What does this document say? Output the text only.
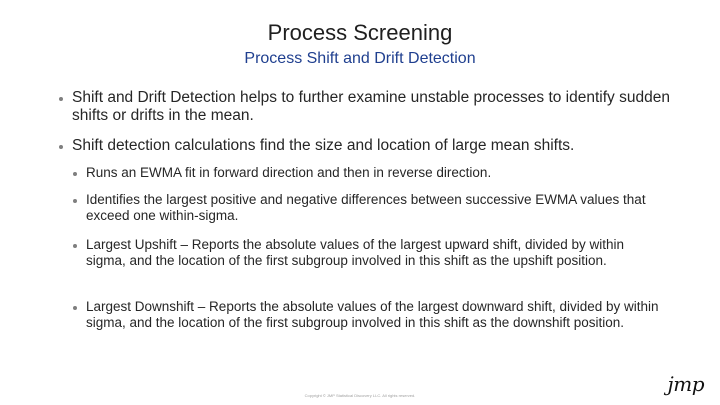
Process Screening
Process Shift and Drift Detection
Shift and Drift Detection helps to further examine unstable processes to identify sudden shifts or drifts in the mean.
Shift detection calculations find the size and location of large mean shifts.
Runs an EWMA fit in forward direction and then in reverse direction.
Identifies the largest positive and negative differences between successive EWMA values that exceed one within-sigma.
Largest Upshift – Reports the absolute values of the largest upward shift, divided by within sigma, and the location of the first subgroup involved in this shift as the upshift position.
Largest Downshift – Reports the absolute values of the largest downward shift, divided by within sigma, and the location of the first subgroup involved in this shift as the downshift position.
Copyright © JMP Statistical Discovery LLC. All rights reserved.	jmp
